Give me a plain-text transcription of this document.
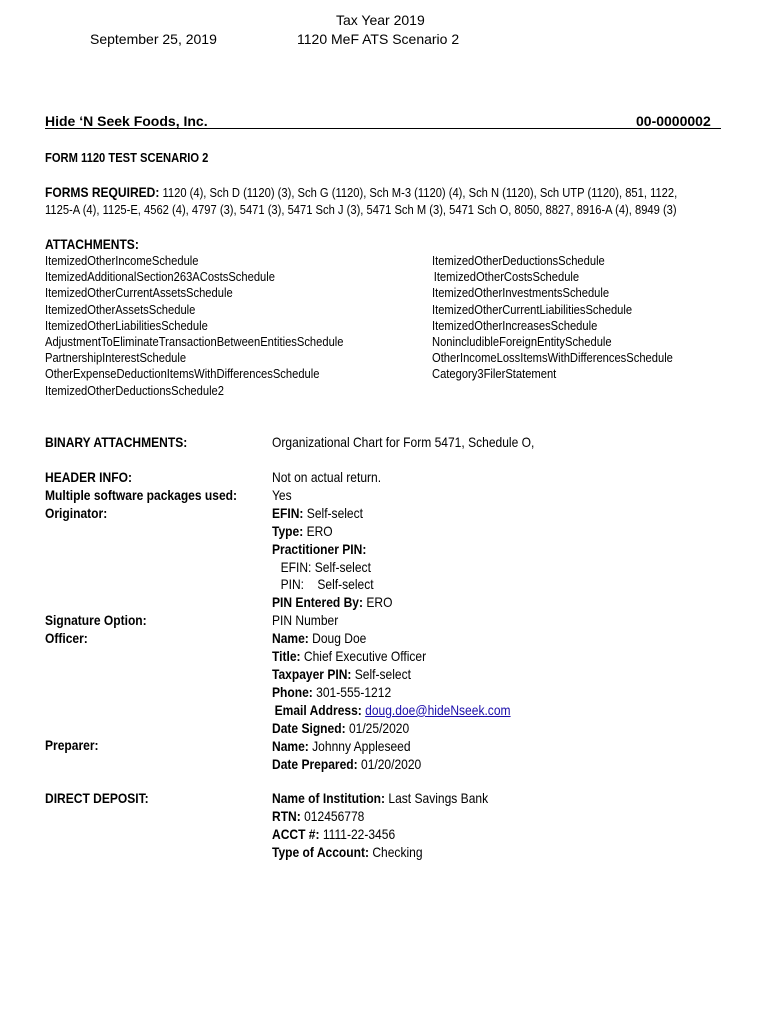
September 25, 2019
Tax Year 2019
1120 MeF ATS Scenario 2
Hide ‘N Seek Foods, Inc.	00-0000002
FORM 1120 TEST SCENARIO 2
FORMS REQUIRED: 1120 (4), Sch D (1120) (3), Sch G (1120), Sch M-3 (1120) (4), Sch N (1120), Sch UTP (1120), 851, 1122,
1125-A (4), 1125-E, 4562 (4), 4797 (3), 5471 (3), 5471 Sch J (3), 5471 Sch M (3), 5471 Sch O, 8050, 8827, 8916-A (4), 8949 (3)
ATTACHMENTS:
ItemizedOtherIncomeSchedule
ItemizedAdditionalSection263ACostsSchedule
ItemizedOtherCurrentAssetsSchedule
ItemizedOtherAssetsSchedule
ItemizedOtherLiabilitiesSchedule
AdjustmentToEliminateTransactionBetweenEntitiesSchedule
PartnershipInterestSchedule
OtherExpenseDeductionItemsWithDifferencesSchedule
ItemizedOtherDeductionsSchedule2
ItemizedOtherDeductionsSchedule
ItemizedOtherCostsSchedule
ItemizedOtherInvestmentsSchedule
ItemizedOtherCurrentLiabilitiesSchedule
ItemizedOtherIncreasesSchedule
NonincludibleForeignEntitySchedule
OtherIncomeLossItemsWithDifferencesSchedule
Category3FilerStatement
BINARY ATTACHMENTS:	Organizational Chart for Form 5471, Schedule O,
HEADER INFO:
Multiple software packages used:
Originator:
Signature Option:
Officer:
Preparer:
DIRECT DEPOSIT:
Not on actual return.
Yes
EFIN: Self-select
Type: ERO
Practitioner PIN:
EFIN: Self-select
PIN:    Self-select
PIN Entered By: ERO
PIN Number
Name: Doug Doe
Title: Chief Executive Officer
Taxpayer PIN: Self-select
Phone: 301-555-1212
Email Address: doug.doe@hideNseek.com
Date Signed: 01/25/2020
Name: Johnny Appleseed
Date Prepared: 01/20/2020
Name of Institution: Last Savings Bank
RTN: 012456778
ACCT #: 1111-22-3456
Type of Account: Checking
